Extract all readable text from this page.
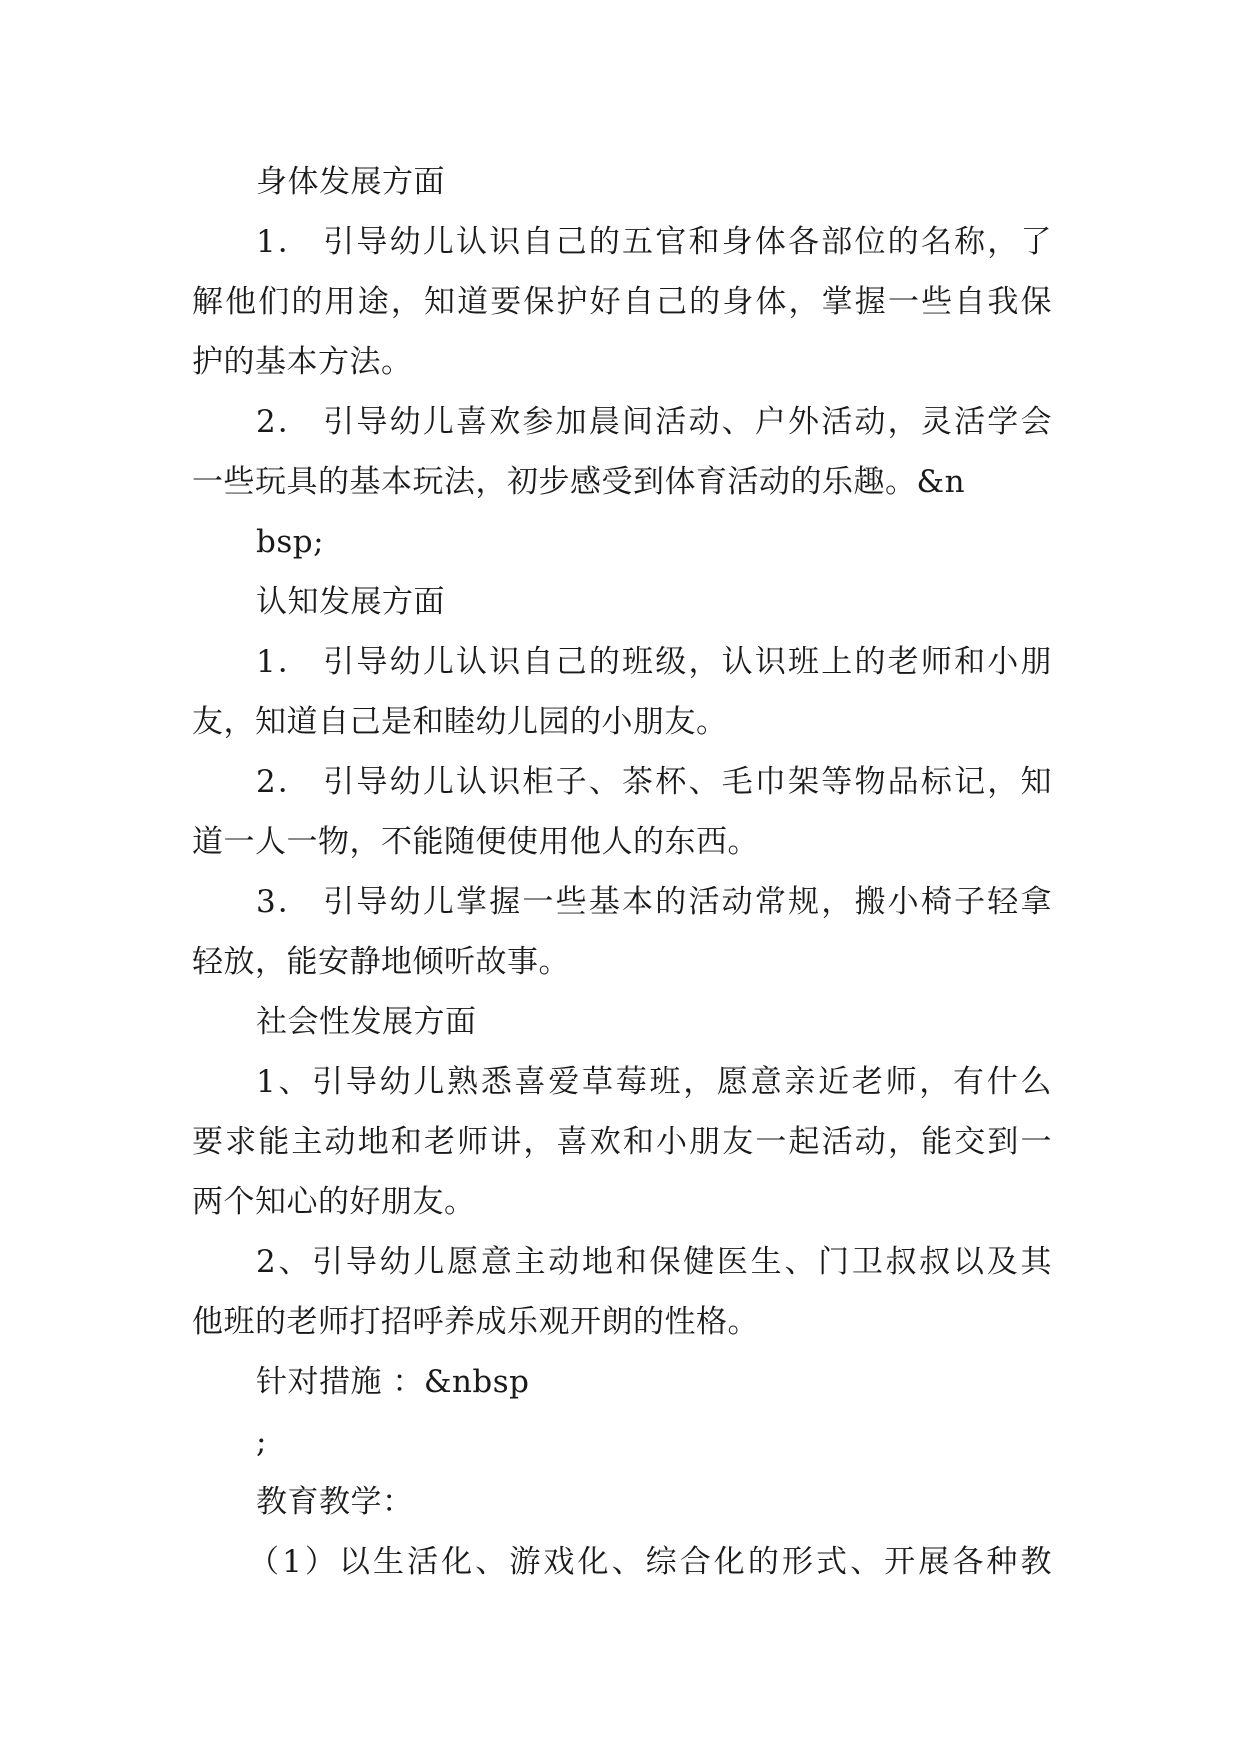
身体发展方面
1． 引导幼儿认识自己的五官和身体各部位的名称，了
解他们的用途，知道要保护好自己的身体，掌握一些自我保
护的基本方法。
2． 引导幼儿喜欢参加晨间活动、户外活动，灵活学会
一些玩具的基本玩法，初步感受到体育活动的乐趣。&n
bsp;
认知发展方面
1． 引导幼儿认识自己的班级，认识班上的老师和小朋
友，知道自己是和睦幼儿园的小朋友。
2． 引导幼儿认识柜子、茶杯、毛巾架等物品标记，知
道一人一物，不能随便使用他人的东西。
3． 引导幼儿掌握一些基本的活动常规，搬小椅子轻拿
轻放，能安静地倾听故事。
社会性发展方面
1、引导幼儿熟悉喜爱草莓班，愿意亲近老师，有什么
要求能主动地和老师讲，喜欢和小朋友一起活动，能交到一
两个知心的好朋友。
2、引导幼儿愿意主动地和保健医生、门卫叔叔以及其
他班的老师打招呼养成乐观开朗的性格。
针对措施 ：&nbsp
;
教育教学：
（1）以生活化、游戏化、综合化的形式、开展各种教
